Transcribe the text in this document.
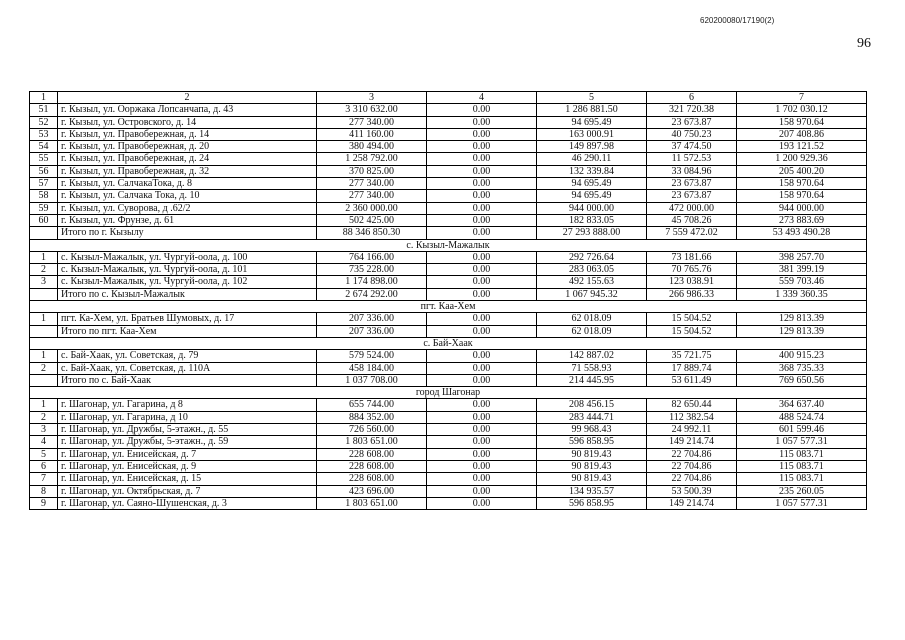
620200080/17190(2)
96
1	2	3	4	5	6	7
51	г. Кызыл, ул. Ооржака Лопсанчапа, д. 43	3 310 632.00	0.00	1 286 881.50	321 720.38	1 702 030.12
52	г. Кызыл, ул. Островского, д. 14	277 340.00	0.00	94 695.49	23 673.87	158 970.64
53	г. Кызыл, ул. Правобережная, д. 14	411 160.00	0.00	163 000.91	40 750.23	207 408.86
54	г. Кызыл, ул. Правобережная, д. 20	380 494.00	0.00	149 897.98	37 474.50	193 121.52
55	г. Кызыл, ул. Правобережная, д. 24	1 258 792.00	0.00	46 290.11	11 572.53	1 200 929.36
56	г. Кызыл, ул. Правобережная, д. 32	370 825.00	0.00	132 339.84	33 084.96	205 400.20
57	г. Кызыл, ул. СалчакаТока, д. 8	277 340.00	0.00	94 695.49	23 673.87	158 970.64
58	г. Кызыл, ул. Салчака Тока, д. 10	277 340.00	0.00	94 695.49	23 673.87	158 970.64
59	г. Кызыл, ул. Суворова, д .62/2	2 360 000.00	0.00	944 000.00	472 000.00	944 000.00
60	г. Кызыл, ул. Фрунзе, д. 61	502 425.00	0.00	182 833.05	45 708.26	273 883.69
	Итого по г. Кызылу	88 346 850.30	0.00	27 293 888.00	7 559 472.02	53 493 490.28
с. Кызыл-Мажалык						
1	с. Кызыл-Мажалык, ул. Чургуй-оола, д. 100	764 166.00	0.00	292 726.64	73 181.66	398 257.70
2	с. Кызыл-Мажалык, ул. Чургуй-оола, д. 101	735 228.00	0.00	283 063.05	70 765.76	381 399.19
3	с. Кызыл-Мажалык, ул. Чургуй-оола, д. 102	1 174 898.00	0.00	492 155.63	123 038.91	559 703.46
	Итого по с. Кызыл-Мажалык	2 674 292.00	0.00	1 067 945.32	266 986.33	1 339 360.35
пгт. Каа-Хем						
1	пгт. Ка-Хем, ул. Братьев Шумовых, д. 17	207 336.00	0.00	62 018.09	15 504.52	129 813.39
	Итого по пгт. Каа-Хем	207 336.00	0.00	62 018.09	15 504.52	129 813.39
с. Бай-Хаак						
1	с. Бай-Хаак, ул. Советская, д. 79	579 524.00	0.00	142 887.02	35 721.75	400 915.23
2	с. Бай-Хаак, ул. Советская, д. 110А	458 184.00	0.00	71 558.93	17 889.74	368 735.33
	Итого по с. Бай-Хаак	1 037 708.00	0.00	214 445.95	53 611.49	769 650.56
город Шагонар						
1	г. Шагонар, ул. Гагарина, д 8	655 744.00	0.00	208 456.15	82 650.44	364 637.40
2	г. Шагонар, ул. Гагарина, д 10	884 352.00	0.00	283 444.71	112 382.54	488 524.74
3	г. Шагонар, ул. Дружбы, 5-этажн., д. 55	726 560.00	0.00	99 968.43	24 992.11	601 599.46
4	г. Шагонар, ул. Дружбы, 5-этажн., д. 59	1 803 651.00	0.00	596 858.95	149 214.74	1 057 577.31
5	г. Шагонар, ул. Енисейская, д. 7	228 608.00	0.00	90 819.43	22 704.86	115 083.71
6	г. Шагонар, ул. Енисейская, д. 9	228 608.00	0.00	90 819.43	22 704.86	115 083.71
7	г. Шагонар, ул. Енисейская, д. 15	228 608.00	0.00	90 819.43	22 704.86	115 083.71
8	г. Шагонар, ул. Октябрьская, д. 7	423 696.00	0.00	134 935.57	53 500.39	235 260.05
9	г. Шагонар, ул. Саяно-Шушенская, д. 3	1 803 651.00	0.00	596 858.95	149 214.74	1 057 577.31
